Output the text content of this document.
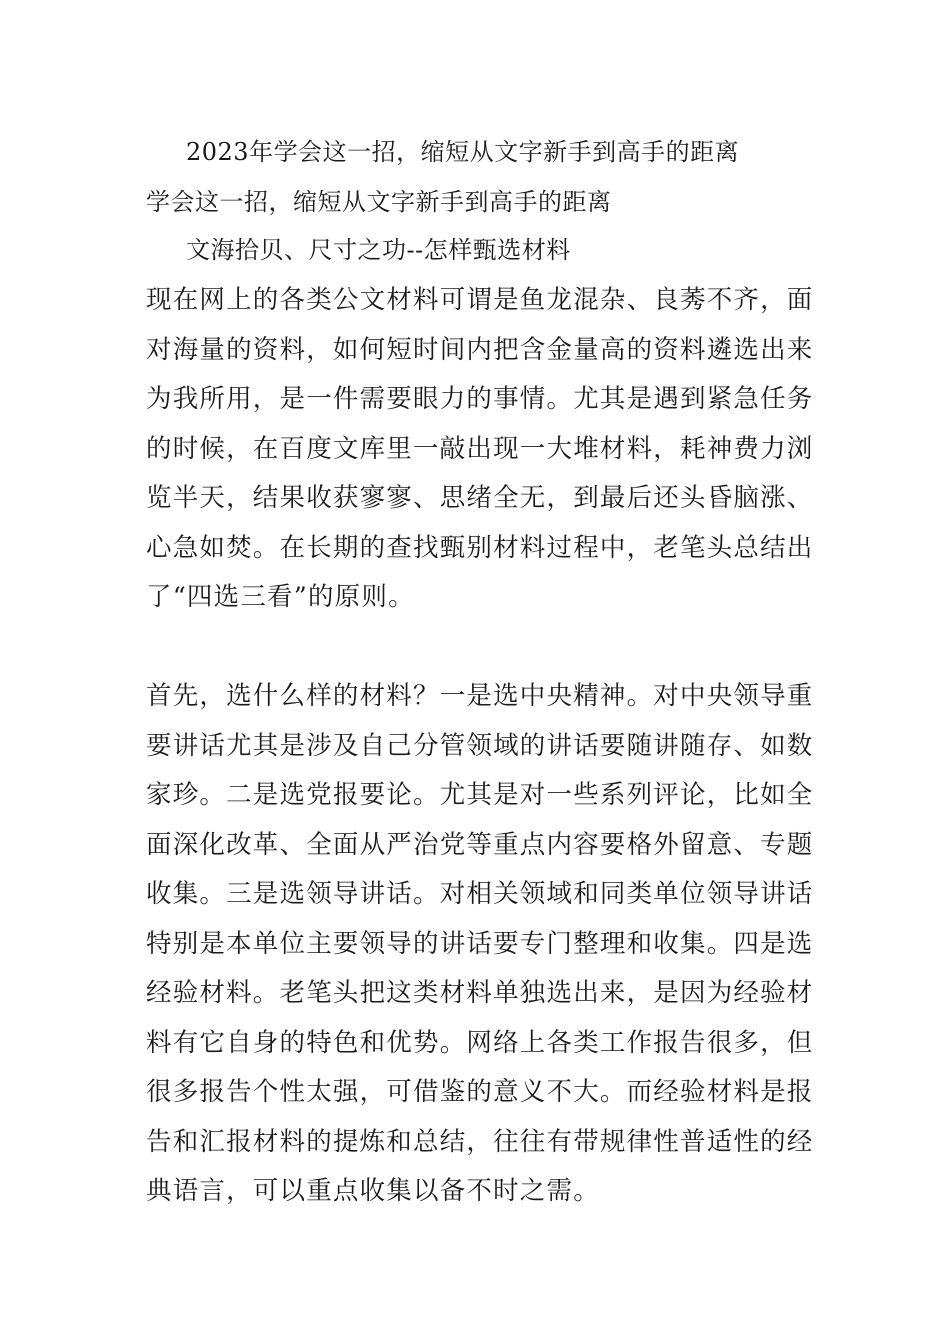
2023年学会这一招，缩短从文字新手到高手的距离
学会这一招，缩短从文字新手到高手的距离
文海拾贝、尺寸之功--怎样甄选材料
现在网上的各类公文材料可谓是鱼龙混杂、良莠不齐，面
对海量的资料，如何短时间内把含金量高的资料遴选出来
为我所用，是一件需要眼力的事情。尤其是遇到紧急任务
的时候，在百度文库里一敲出现一大堆材料，耗神费力浏
览半天，结果收获寥寥、思绪全无，到最后还头昏脑涨、
心急如焚。在长期的查找甄别材料过程中，老笔头总结出
了“四选三看”的原则。
首先，选什么样的材料？一是选中央精神。对中央领导重
要讲话尤其是涉及自己分管领域的讲话要随讲随存、如数
家珍。二是选党报要论。尤其是对一些系列评论，比如全
面深化改革、全面从严治党等重点内容要格外留意、专题
收集。三是选领导讲话。对相关领域和同类单位领导讲话
特别是本单位主要领导的讲话要专门整理和收集。四是选
经验材料。老笔头把这类材料单独选出来，是因为经验材
料有它自身的特色和优势。网络上各类工作报告很多，但
很多报告个性太强，可借鉴的意义不大。而经验材料是报
告和汇报材料的提炼和总结，往往有带规律性普适性的经
典语言，可以重点收集以备不时之需。
